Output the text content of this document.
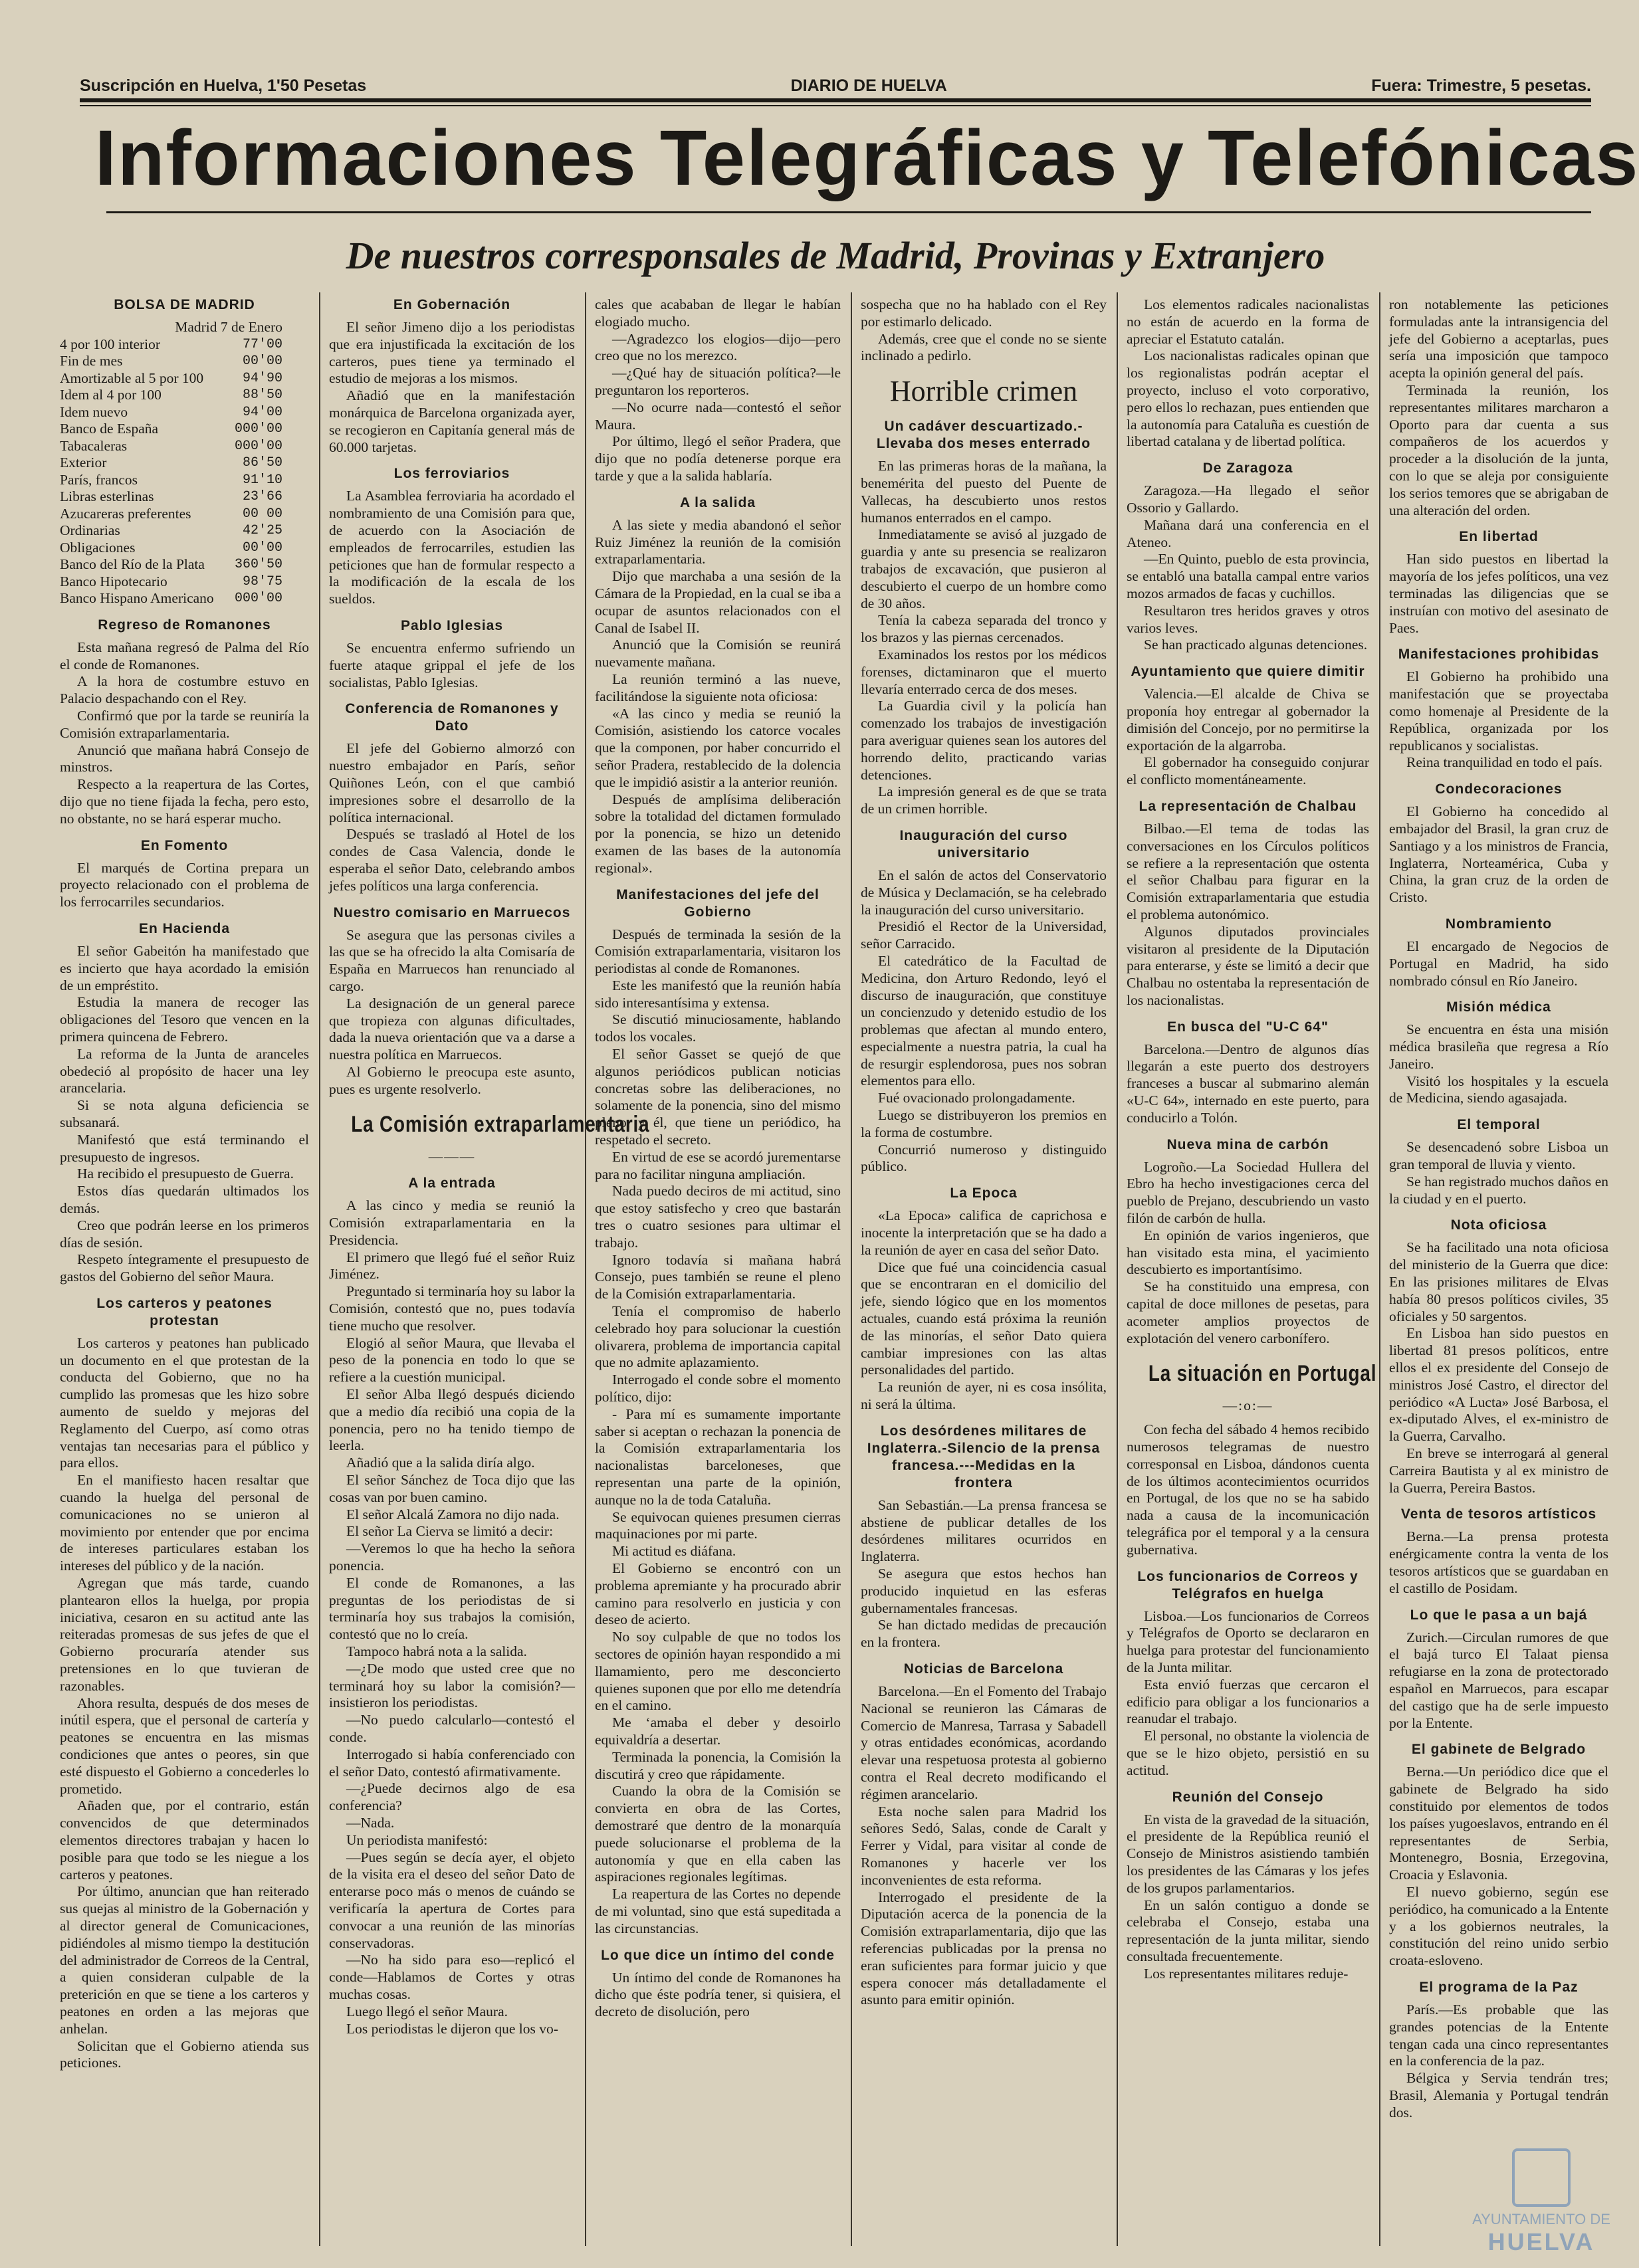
Suscripción en Huelva, 1'50 Pesetas	DIARIO DE HUELVA	Fuera: Trimestre, 5 pesetas.
Informaciones Telegráficas y Telefónicas
De nuestros corresponsales de Madrid, Provinas y Extranjero
BOLSA DE MADRID
Madrid 7 de Enero
4 por 100 interior	77'00
Fin de mes	00'00
Amortizable al 5 por 100	94'90
Idem al 4 por 100	88'50
Idem nuevo	94'00
Banco de España	000'00
Tabacaleras	000'00
Exterior	86'50
París, francos	91'10
Libras esterlinas	23'66
Azucareras preferentes	00 00
Ordinarias	42'25
Obligaciones	00'00
Banco del Río de la Plata 360'50
Banco Hipotecario	98'75
Banco Hispano Americano 000'00
Regreso de Romanones

Esta mañana regresó de Palma del Río el conde de Romanones.

A la hora de costumbre estuvo en Palacio despachando con el Rey.

Confirmó que por la tarde se reuniría la Comisión extraparlamentaria.

Anunció que mañana habrá Consejo de minstros.

Respecto a la reapertura de las Cortes, dijo que no tiene fijada la fecha, pero esto, no obstante, no se hará esperar mucho.

En Fomento

El marqués de Cortina prepara un proyecto relacionado con el problema de los ferrocarriles secundarios.

En Hacienda

El señor Gabeitón ha manifestado que es incierto que haya acordado la emisión de un empréstito.

Estudia la manera de recoger las obligaciones del Tesoro que vencen en la primera quincena de Febrero.

La reforma de la Junta de aranceles obedeció al propósito de hacer una ley arancelaria.

Si se nota alguna deficiencia se subsanará.

Manifestó que está terminando el presupuesto de ingresos.

Ha recibido el presupuesto de Guerra.

Estos días quedarán ultimados los demás.

Creo que podrán leerse en los primeros días de sesión.

Respeto íntegramente el presupuesto de gastos del Gobierno del señor Maura.

Los carteros y peatones protestan

Los carteros y peatones han publicado un documento en el que protestan de la conducta del Gobierno, que no ha cumplido las promesas que les hizo sobre aumento de sueldo y mejoras del Reglamento del Cuerpo, así como otras ventajas tan necesarias para el público y para ellos.

En el manifiesto hacen resaltar que cuando la huelga del personal de comunicaciones no se unieron al movimiento por entender que por encima de intereses particulares estaban los intereses del público y de la nación.

Agregan que más tarde, cuando plantearon ellos la huelga, por propia iniciativa, cesaron en su actitud ante las reiteradas promesas de sus jefes de que el Gobierno procuraría atender sus pretensiones en lo que tuvieran de razonables.

Ahora resulta, después de dos meses de inútil espera, que el personal de cartería y peatones se encuentra en las mismas condiciones que antes o peores, sin que esté dispuesto el Gobierno a concederles lo prometido.

Añaden que, por el contrario, están convencidos de que determinados elementos directores trabajan y hacen lo posible para que todo se les niegue a los carteros y peatones.

Por último, anuncian que han reiterado sus quejas al ministro de la Gobernación y al director general de Comunicaciones, pidiéndoles al mismo tiempo la destitución del administrador de Correos de la Central, a quien consideran culpable de la preterición en que se tiene a los carteros y peatones en orden a las mejoras que anhelan.

Solicitan que el Gobierno atienda sus peticiones.

En Gobernación

El señor Jimeno dijo a los periodistas que era injustificada la excitación de los carteros, pues tiene ya terminado el estudio de mejoras a los mismos.

Añadió que en la manifestación monárquica de Barcelona organizada ayer, se recogieron en Capitanía general más de 60.000 tarjetas.

Los ferroviarios

La Asamblea ferroviaria ha acordado el nombramiento de una Comisión para que, de acuerdo con la Asociación de empleados de ferrocarriles, estudien las peticiones que han de formular respecto a la modificación de la escala de los sueldos.

Pablo Iglesias

Se encuentra enfermo sufriendo un fuerte ataque grippal el jefe de los socialistas, Pablo Iglesias.

Conferencia de Romanones y Dato

El jefe del Gobierno almorzó con nuestro embajador en París, señor Quiñones León, con el que cambió impresiones sobre el desarrollo de la política internacional.

Después se trasladó al Hotel de los condes de Casa Valencia, donde le esperaba el señor Dato, celebrando ambos jefes políticos una larga conferencia.

Nuestro comisario en Marruecos

Se asegura que las personas civiles a las que se ha ofrecido la alta Comisaría de España en Marruecos han renunciado al cargo.

La designación de un general parece que tropieza con algunas dificultades, dada la nueva orientación que va a darse a nuestra política en Marruecos.

Al Gobierno le preocupa este asunto, pues es urgente resolverlo.

La Comisión extraparlamentaria
———
A la entrada

A las cinco y media se reunió la Comisión extraparlamentaria en la Presidencia.

El primero que llegó fué el señor Ruiz Jiménez.

Preguntado si terminaría hoy su labor la Comisión, contestó que no, pues todavía tiene mucho que resolver.

Elogió al señor Maura, que llevaba el peso de la ponencia en todo lo que se refiere a la cuestión municipal.

El señor Alba llegó después diciendo que a medio día recibió una copia de la ponencia, pero no ha tenido tiempo de leerla.

Añadió que a la salida diría algo.

El señor Sánchez de Toca dijo que las cosas van por buen camino.

El señor Alcalá Zamora no dijo nada.

El señor La Cierva se limitó a decir:

—Veremos lo que ha hecho la señora ponencia.

El conde de Romanones, a las preguntas de los periodistas de si terminaría hoy sus trabajos la comisión, contestó que no lo creía.

Tampoco habrá nota a la salida.

—¿De modo que usted cree que no terminará hoy su labor la comisión?—insistieron los periodistas.

—No puedo calcularlo—contestó el conde.

Interrogado si había conferenciado con el señor Dato, contestó afirmativamente.

—¿Puede decirnos algo de esa conferencia?

—Nada.

Un periodista manifestó:

—Pues según se decía ayer, el objeto de la visita era el deseo del señor Dato de enterarse poco más o menos de cuándo se verificaría la apertura de Cortes para convocar a una reunión de las minorías conservadoras.

—No ha sido para eso—replicó el conde—Hablamos de Cortes y otras muchas cosas.

Luego llegó el señor Maura.

Los periodistas le dijeron que los vo-

cales que acababan de llegar le habían elogiado mucho.

—Agradezco los elogios—dijo—pero creo que no los merezco.

—¿Qué hay de situación política?—le preguntaron los reporteros.

—No ocurre nada—contestó el señor Maura.

Por último, llegó el señor Pradera, que dijo que no podía detenerse porque era tarde y que a la salida hablaría.

A la salida

A las siete y media abandonó el señor Ruiz Jiménez la reunión de la comisión extraparlamentaria.

Dijo que marchaba a una sesión de la Cámara de la Propiedad, en la cual se iba a ocupar de asuntos relacionados con el Canal de Isabel II.

Anunció que la Comisión se reunirá nuevamente mañana.

La reunión terminó a las nueve, facilitándose la siguiente nota oficiosa:

«A las cinco y media se reunió la Comisión, asistiendo los catorce vocales que la componen, por haber concurrido el señor Pradera, restablecido de la dolencia que le impidió asistir a la anterior reunión.

Después de amplísima deliberación sobre la totalidad del dictamen formulado por la ponencia, se hizo un detenido examen de las bases de la autonomía regional».

Manifestaciones del jefe del Gobierno

Después de terminada la sesión de la Comisión extraparlamentaria, visitaron los periodistas al conde de Romanones.

Este les manifestó que la reunión había sido interesantísima y extensa.

Se discutió minuciosamente, hablando todos los vocales.

El señor Gasset se quejó de que algunos periódicos publican noticias concretas sobre las deliberaciones, no solamente de la ponencia, sino del mismo pleno, y él, que tiene un periódico, ha respetado el secreto.

En virtud de ese se acordó jurementarse para no facilitar ninguna ampliación.

Nada puedo deciros de mi actitud, sino que estoy satisfecho y creo que bastarán tres o cuatro sesiones para ultimar el trabajo.

Ignoro todavía si mañana habrá Consejo, pues también se reune el pleno de la Comisión extraparlamentaria.

Tenía el compromiso de haberlo celebrado hoy para solucionar la cuestión olivarera, problema de importancia capital que no admite aplazamiento.

Interrogado el conde sobre el momento político, dijo:

- Para mí es sumamente importante saber si aceptan o rechazan la ponencia de la Comisión extraparlamentaria los nacionalistas barceloneses, que representan una parte de la opinión, aunque no la de toda Cataluña.

Se equivocan quienes presumen cierras maquinaciones por mi parte.

Mi actitud es diáfana.

El Gobierno se encontró con un problema apremiante y ha procurado abrir camino para resolverlo en justicia y con deseo de acierto.

No soy culpable de que no todos los sectores de opinión hayan respondido a mi llamamiento, pero me desconcierto quienes suponen que por ello me detendría en el camino.

Me ‘amaba el deber y desoirlo equivaldría a desertar.

Terminada la ponencia, la Comisión la discutirá y creo que rápidamente.

Cuando la obra de la Comisión se convierta en obra de las Cortes, demostraré que dentro de la monarquía puede solucionarse el problema de la autonomía y que en ella caben las aspiraciones regionales legítimas.

La reapertura de las Cortes no depende de mi voluntad, sino que está supeditada a las circunstancias.

Lo que dice un íntimo del conde

Un íntimo del conde de Romanones ha dicho que éste podría tener, si quisiera, el decreto de disolución, pero

sospecha que no ha hablado con el Rey por estimarlo delicado.

Además, cree que el conde no se siente inclinado a pedirlo.

Horrible crimen
Un cadáver descuartizado.-Llevaba dos meses enterrado

En las primeras horas de la mañana, la benemérita del puesto del Puente de Vallecas, ha descubierto unos restos humanos enterrados en el campo.

Inmediatamente se avisó al juzgado de guardia y ante su presencia se realizaron trabajos de excavación, que pusieron al descubierto el cuerpo de un hombre como de 30 años.

Tenía la cabeza separada del tronco y los brazos y las piernas cercenados.

Examinados los restos por los médicos forenses, dictaminaron que el muerto llevaría enterrado cerca de dos meses.

La Guardia civil y la policía han comenzado los trabajos de investigación para averiguar quienes sean los autores del horrendo delito, practicando varias detenciones.

La impresión general es de que se trata de un crimen horrible.

Inauguración del curso universitario

En el salón de actos del Conservatorio de Música y Declamación, se ha celebrado la inauguración del curso universitario.

Presidió el Rector de la Universidad, señor Carracido.

El catedrático de la Facultad de Medicina, don Arturo Redondo, leyó el discurso de inauguración, que constituye un concienzudo y detenido estudio de los problemas que afectan al mundo entero, especialmente a nuestra patria, la cual ha de resurgir esplendorosa, pues nos sobran elementos para ello.

Fué ovacionado prolongadamente.

Luego se distribuyeron los premios en la forma de costumbre.

Concurrió numeroso y distinguido público.

La Epoca

«La Epoca» califica de caprichosa e inocente la interpretación que se ha dado a la reunión de ayer en casa del señor Dato.

Dice que fué una coincidencia casual que se encontraran en el domicilio del jefe, siendo lógico que en los momentos actuales, cuando está próxima la reunión de las minorías, el señor Dato quiera cambiar impresiones con las altas personalidades del partido.

La reunión de ayer, ni es cosa insólita, ni será la última.

Los desórdenes militares de Inglaterra.-Silencio de la prensa francesa.---Medidas en la frontera

San Sebastián.—La prensa francesa se abstiene de publicar detalles de los desórdenes militares ocurridos en Inglaterra.

Se asegura que estos hechos han producido inquietud en las esferas gubernamentales francesas.

Se han dictado medidas de precaución en la frontera.

Noticias de Barcelona

Barcelona.—En el Fomento del Trabajo Nacional se reunieron las Cámaras de Comercio de Manresa, Tarrasa y Sabadell y otras entidades económicas, acordando elevar una respetuosa protesta al gobierno contra el Real decreto modificando el régimen arancelario.

Esta noche salen para Madrid los señores Sedó, Salas, conde de Caralt y Ferrer y Vidal, para visitar al conde de Romanones y hacerle ver los inconvenientes de esta reforma.

Interrogado el presidente de la Diputación acerca de la ponencia de la Comisión extraparlamentaria, dijo que las referencias publicadas por la prensa no eran suficientes para formar juicio y que espera conocer más detalladamente el asunto para emitir opinión.

Los elementos radicales nacionalistas no están de acuerdo en la forma de apreciar el Estatuto catalán.

Los nacionalistas radicales opinan que los regionalistas podrán aceptar el proyecto, incluso el voto corporativo, pero ellos lo rechazan, pues entienden que la autonomía para Cataluña es cuestión de libertad catalana y de libertad política.

De Zaragoza

Zaragoza.—Ha llegado el señor Ossorio y Gallardo.

Mañana dará una conferencia en el Ateneo.

—En Quinto, pueblo de esta provincia, se entabló una batalla campal entre varios mozos armados de facas y cuchillos.

Resultaron tres heridos graves y otros varios leves.

Se han practicado algunas detenciones.

Ayuntamiento que quiere dimitir

Valencia.—El alcalde de Chiva se proponía hoy entregar al gobernador la dimisión del Concejo, por no permitirse la exportación de la algarroba.

El gobernador ha conseguido conjurar el conflicto momentáneamente.

La representación de Chalbau

Bilbao.—El tema de todas las conversaciones en los Círculos políticos se refiere a la representación que ostenta el señor Chalbau para figurar en la Comisión extraparlamentaria que estudia el problema autonómico.

Algunos diputados provinciales visitaron al presidente de la Diputación para enterarse, y éste se limitó a decir que Chalbau no ostentaba la representación de los nacionalistas.

En busca del "U-C 64"

Barcelona.—Dentro de algunos días llegarán a este puerto dos destroyers franceses a buscar al submarino alemán «U-C 64», internado en este puerto, para conducirlo a Tolón.

Nueva mina de carbón

Logroño.—La Sociedad Hullera del Ebro ha hecho investigaciones cerca del pueblo de Prejano, descubriendo un vasto filón de carbón de hulla.

En opinión de varios ingenieros, que han visitado esta mina, el yacimiento descubierto es importantísimo.

Se ha constituido una empresa, con capital de doce millones de pesetas, para acometer amplios proyectos de explotación del venero carbonífero.

La situación en Portugal
—:o:—

Con fecha del sábado 4 hemos recibido numerosos telegramas de nuestro corresponsal en Lisboa, dándonos cuenta de los últimos acontecimientos ocurridos en Portugal, de los que no se ha sabido nada a causa de la incomunicación telegráfica por el temporal y a la censura gubernativa.

Los funcionarios de Correos y Telégrafos en huelga

Lisboa.—Los funcionarios de Correos y Telégrafos de Oporto se declararon en huelga para protestar del funcionamiento de la Junta militar.

Esta envió fuerzas que cercaron el edificio para obligar a los funcionarios a reanudar el trabajo.

El personal, no obstante la violencia de que se le hizo objeto, persistió en su actitud.

Reunión del Consejo

En vista de la gravedad de la situación, el presidente de la República reunió el Consejo de Ministros asistiendo también los presidentes de las Cámaras y los jefes de los grupos parlamentarios.

En un salón contiguo a donde se celebraba el Consejo, estaba una representación de la junta militar, siendo consultada frecuentemente.

Los representantes militares reduje-

ron notablemente las peticiones formuladas ante la intransigencia del jefe del Gobierno a aceptarlas, pues sería una imposición que tampoco acepta la opinión general del país.

Terminada la reunión, los representantes militares marcharon a Oporto para dar cuenta a sus compañeros de los acuerdos y proceder a la disolución de la junta, con lo que se aleja por consiguiente los serios temores que se abrigaban de una alteración del orden.

En libertad

Han sido puestos en libertad la mayoría de los jefes políticos, una vez terminadas las diligencias que se instruían con motivo del asesinato de Paes.

Manifestaciones prohibidas

El Gobierno ha prohibido una manifestación que se proyectaba como homenaje al Presidente de la República, organizada por los republicanos y socialistas.

Reina tranquilidad en todo el país.

Condecoraciones

El Gobierno ha concedido al embajador del Brasil, la gran cruz de Santiago y a los ministros de Francia, Inglaterra, Norteamérica, Cuba y China, la gran cruz de la orden de Cristo.

Nombramiento

El encargado de Negocios de Portugal en Madrid, ha sido nombrado cónsul en Río Janeiro.

Misión médica

Se encuentra en ésta una misión médica brasileña que regresa a Río Janeiro.

Visitó los hospitales y la escuela de Medicina, siendo agasajada.

El temporal

Se desencadenó sobre Lisboa un gran temporal de lluvia y viento.

Se han registrado muchos daños en la ciudad y en el puerto.

Nota oficiosa

Se ha facilitado una nota oficiosa del ministerio de la Guerra que dice: En las prisiones militares de Elvas había 80 presos políticos civiles, 35 oficiales y 50 sargentos.

En Lisboa han sido puestos en libertad 81 presos políticos, entre ellos el ex presidente del Consejo de ministros José Castro, el director del periódico «A Lucta» José Barbosa, el ex-diputado Alves, el ex-ministro de la Guerra, Carvalho.

En breve se interrogará al general Carreira Bautista y al ex ministro de la Guerra, Pereira Bastos.

Venta de tesoros artísticos

Berna.—La prensa protesta enérgicamente contra la venta de los tesoros artísticos que se guardaban en el castillo de Posidam.

Lo que le pasa a un bajá

Zurich.—Circulan rumores de que el bajá turco El Talaat piensa refugiarse en la zona de protectorado español en Marruecos, para escapar del castigo que ha de serle impuesto por la Entente.

El gabinete de Belgrado

Berna.—Un periódico dice que el gabinete de Belgrado ha sido constituido por elementos de todos los países yugoeslavos, entrando en él representantes de Serbia, Montenegro, Bosnia, Erzegovina, Croacia y Eslavonia.

El nuevo gobierno, según ese periódico, ha comunicado a la Entente y a los gobiernos neutrales, la constitución del reino unido serbio croata-esloveno.

El programa de la Paz

París.—Es probable que las grandes potencias de la Entente tengan cada una cinco representantes en la conferencia de la paz.

Bélgica y Servia tendrán tres; Brasil, Alemania y Portugal tendrán dos.

AYUNTAMIENTO DE
HUELVA
